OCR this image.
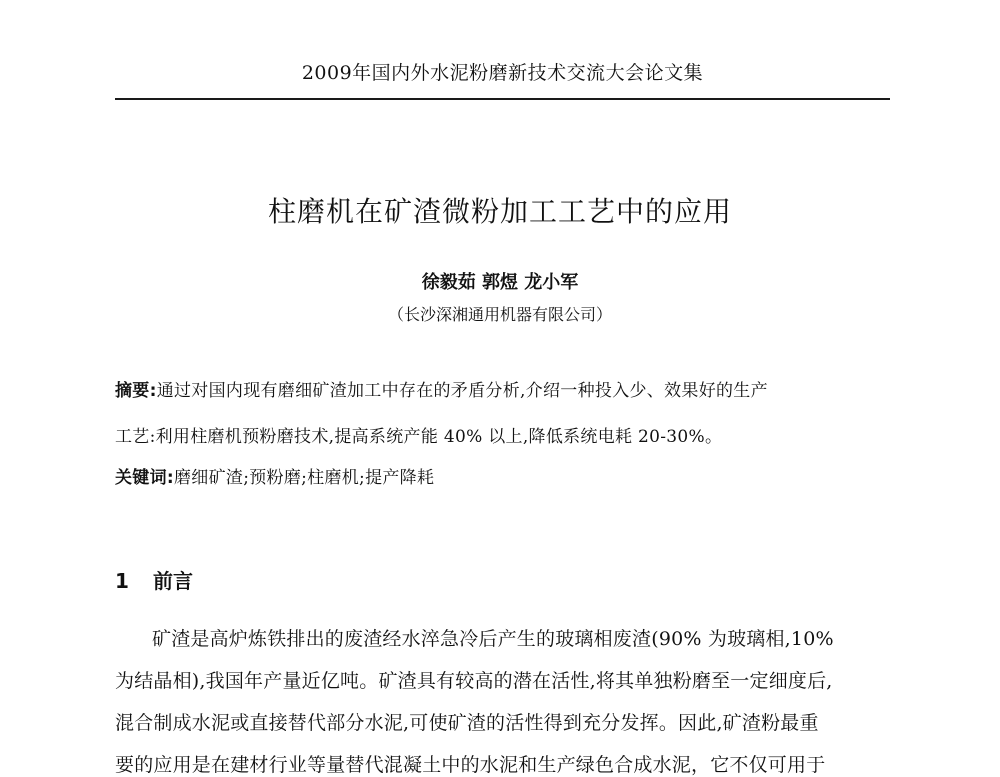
2009年国内外水泥粉磨新技术交流大会论文集
柱磨机在矿渣微粉加工工艺中的应用
徐毅茹 郭煜 龙小军
（长沙深湘通用机器有限公司）
摘要:通过对国内现有磨细矿渣加工中存在的矛盾分析,介绍一种投入少、效果好的生产
工艺:利用柱磨机预粉磨技术,提高系统产能 40% 以上,降低系统电耗 20-30%。
关键词:磨细矿渣;预粉磨;柱磨机;提产降耗
1 前言
矿渣是高炉炼铁排出的废渣经水淬急冷后产生的玻璃相废渣(90% 为玻璃相,10%
为结晶相),我国年产量近亿吨。矿渣具有较高的潜在活性,将其单独粉磨至一定细度后,
混合制成水泥或直接替代部分水泥,可使矿渣的活性得到充分发挥。因此,矿渣粉最重
要的应用是在建材行业等量替代混凝土中的水泥和生产绿色合成水泥，它不仅可用于
